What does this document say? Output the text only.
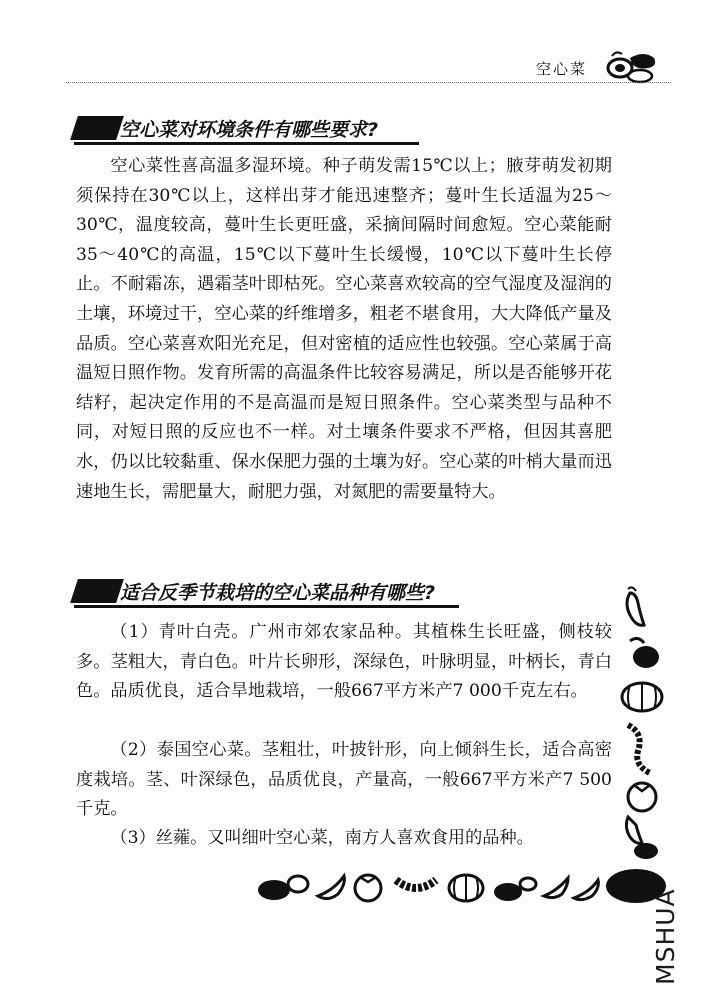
空心菜
空心菜对环境条件有哪些要求?

空心菜性喜高温多湿环境。种子萌发需15℃以上；腋芽萌发初期须保持在30℃以上，这样出芽才能迅速整齐；蔓叶生长适温为25～30℃，温度较高，蔓叶生长更旺盛，采摘间隔时间愈短。空心菜能耐35～40℃的高温，15℃以下蔓叶生长缓慢，10℃以下蔓叶生长停止。不耐霜冻，遇霜茎叶即枯死。空心菜喜欢较高的空气湿度及湿润的土壤，环境过干，空心菜的纤维增多，粗老不堪食用，大大降低产量及品质。空心菜喜欢阳光充足，但对密植的适应性也较强。空心菜属于高温短日照作物。发育所需的高温条件比较容易满足，所以是否能够开花结籽，起决定作用的不是高温而是短日照条件。空心菜类型与品种不同，对短日照的反应也不一样。对土壤条件要求不严格，但因其喜肥水，仍以比较黏重、保水保肥力强的土壤为好。空心菜的叶梢大量而迅速地生长，需肥量大，耐肥力强，对氮肥的需要量特大。

适合反季节栽培的空心菜品种有哪些?

（1）青叶白壳。广州市郊农家品种。其植株生长旺盛，侧枝较多。茎粗大，青白色。叶片长卵形，深绿色，叶脉明显，叶柄长，青白色。品质优良，适合旱地栽培，一般667平方米产7 000千克左右。

（2）泰国空心菜。茎粗壮，叶披针形，向上倾斜生长，适合高密度栽培。茎、叶深绿色，品质优良，产量高，一般667平方米产7 500千克。

（3）丝蕹。又叫细叶空心菜，南方人喜欢食用的品种。

MSHUA
